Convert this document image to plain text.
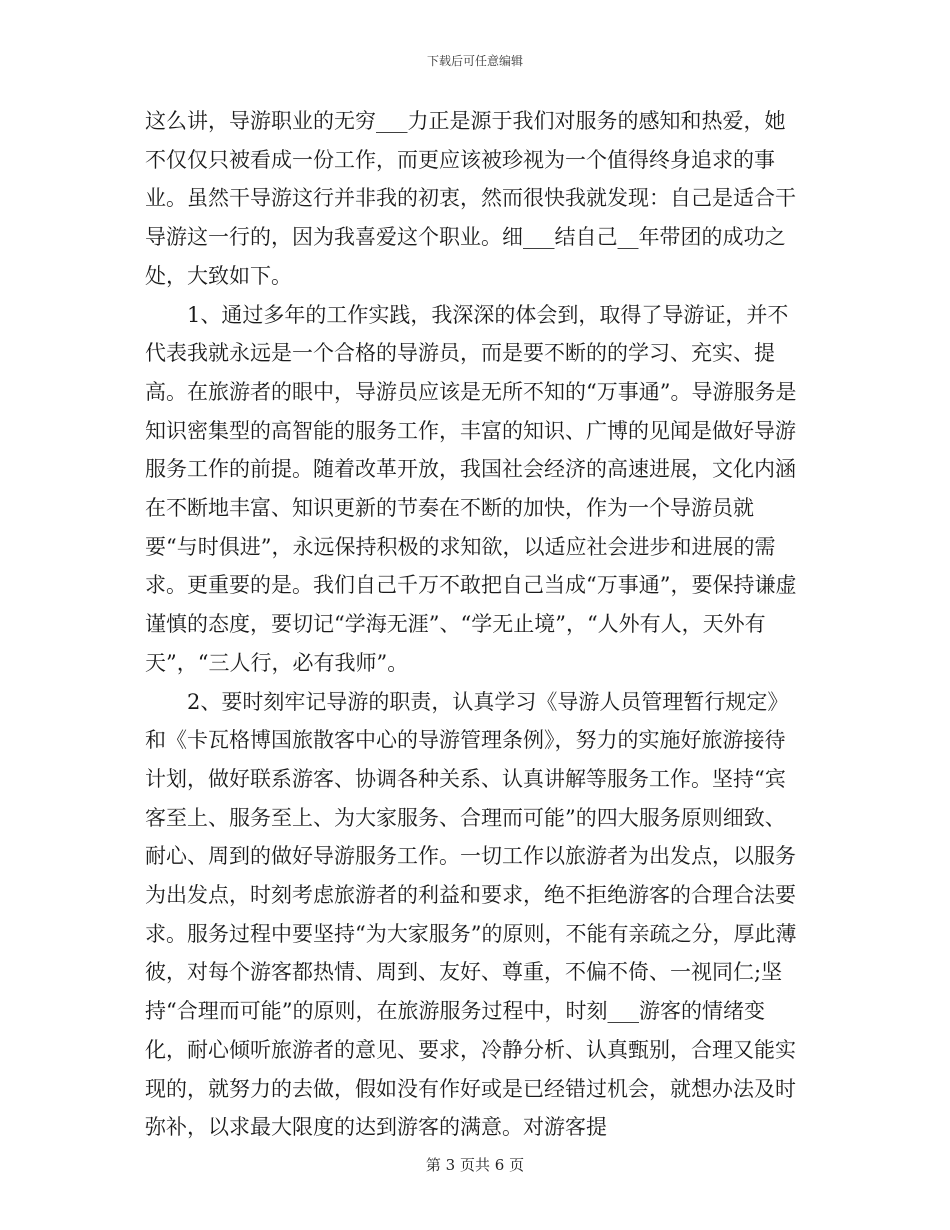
下载后可任意编辑

这么讲，导游职业的无穷___力正是源于我们对服务的感知和热爱，她不仅仅只被看成一份工作，而更应该被珍视为一个值得终身追求的事业。虽然干导游这行并非我的初衷，然而很快我就发现：自己是适合干导游这一行的，因为我喜爱这个职业。细___结自己__年带团的成功之处，大致如下。

1、通过多年的工作实践，我深深的体会到，取得了导游证，并不代表我就永远是一个合格的导游员，而是要不断的的学习、充实、提高。在旅游者的眼中，导游员应该是无所不知的“万事通”。导游服务是知识密集型的高智能的服务工作，丰富的知识、广博的见闻是做好导游服务工作的前提。随着改革开放，我国社会经济的高速进展，文化内涵在不断地丰富、知识更新的节奏在不断的加快，作为一个导游员就要“与时俱进”，永远保持积极的求知欲，以适应社会进步和进展的需求。更重要的是。我们自己千万不敢把自己当成“万事通”，要保持谦虚谨慎的态度，要切记“学海无涯”、“学无止境”，“人外有人，天外有天”，“三人行，必有我师”。

2、要时刻牢记导游的职责，认真学习《导游人员管理暂行规定》和《卡瓦格博国旅散客中心的导游管理条例》，努力的实施好旅游接待计划，做好联系游客、协调各种关系、认真讲解等服务工作。坚持“宾客至上、服务至上、为大家服务、合理而可能”的四大服务原则细致、耐心、周到的做好导游服务工作。一切工作以旅游者为出发点，以服务为出发点，时刻考虑旅游者的利益和要求，绝不拒绝游客的合理合法要求。服务过程中要坚持“为大家服务”的原则，不能有亲疏之分，厚此薄彼，对每个游客都热情、周到、友好、尊重，不偏不倚、一视同仁;坚持“合理而可能”的原则，在旅游服务过程中，时刻___游客的情绪变化，耐心倾听旅游者的意见、要求，冷静分析、认真甄别，合理又能实现的，就努力的去做，假如没有作好或是已经错过机会，就想办法及时弥补，以求最大限度的达到游客的满意。对游客提

第 3 页共 6 页
